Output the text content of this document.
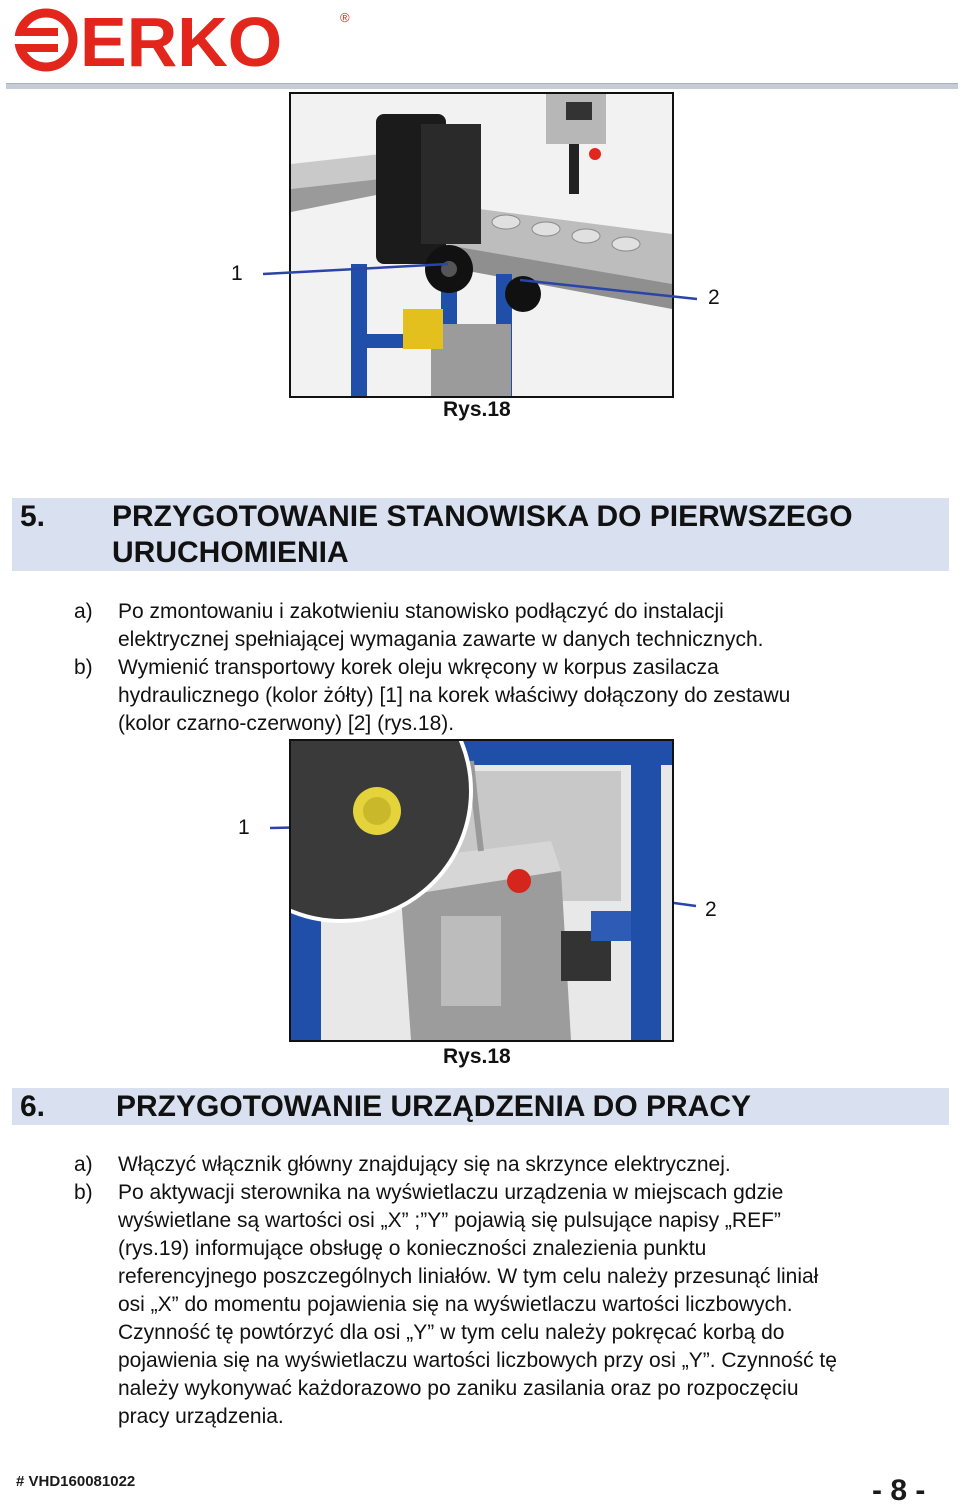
ERKO	®
1
2
Rys.18
5. PRZYGOTOWANIE STANOWISKA DO PIERWSZEGO
URUCHOMIENIA
a) Po zmontowaniu i zakotwieniu stanowisko podłączyć do instalacji
elektrycznej spełniającej wymagania zawarte w danych technicznych.
b) Wymienić transportowy korek oleju wkręcony w korpus zasilacza
hydraulicznego (kolor żółty) [1] na korek właściwy dołączony do zestawu
(kolor czarno-czerwony) [2] (rys.18).
1
2
Rys.18
6. PRZYGOTOWANIE URZĄDZENIA DO PRACY
a) Włączyć włącznik główny znajdujący się na skrzynce elektrycznej.
b) Po aktywacji sterownika na wyświetlaczu urządzenia w miejscach gdzie
wyświetlane są wartości osi „X” ;”Y” pojawią się pulsujące napisy „REF”
(rys.19) informujące obsługę o konieczności znalezienia punktu
referencyjnego poszczególnych liniałów. W tym celu należy przesunąć liniał
osi „X” do momentu pojawienia się na wyświetlaczu wartości liczbowych.
Czynność tę powtórzyć dla osi „Y” w tym celu należy pokręcać korbą do
pojawienia się na wyświetlaczu wartości liczbowych przy osi „Y”. Czynność tę
należy wykonywać każdorazowo po zaniku zasilania oraz po rozpoczęciu
pracy urządzenia.
# VHD160081022	- 8 -
